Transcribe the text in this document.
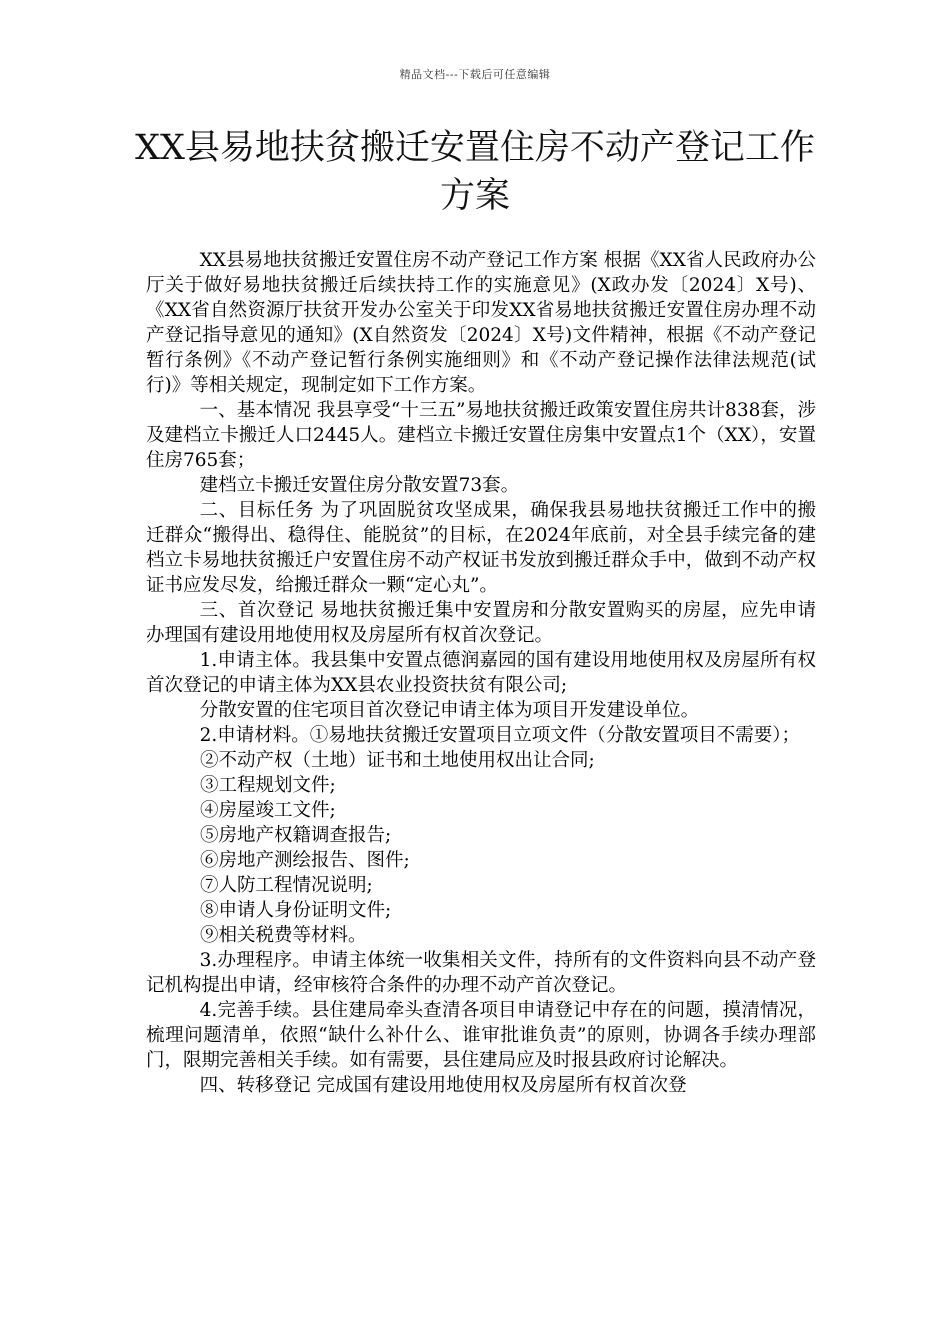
精品文档---下载后可任意编辑
XX县易地扶贫搬迁安置住房不动产登记工作方案

XX县易地扶贫搬迁安置住房不动产登记工作方案 根据《XX省人民政府办公厅关于做好易地扶贫搬迁后续扶持工作的实施意见》(X政办发〔2024〕X号)、《XX省自然资源厅扶贫开发办公室关于印发XX省易地扶贫搬迁安置住房办理不动产登记指导意见的通知》(X自然资发〔2024〕X号)文件精神，根据《不动产登记暂行条例》《不动产登记暂行条例实施细则》和《不动产登记操作法律法规范(试行)》等相关规定，现制定如下工作方案。

一、基本情况 我县享受“十三五”易地扶贫搬迁政策安置住房共计838套，涉及建档立卡搬迁人口2445人。建档立卡搬迁安置住房集中安置点1个（XX），安置住房765套；

建档立卡搬迁安置住房分散安置73套。

二、目标任务 为了巩固脱贫攻坚成果，确保我县易地扶贫搬迁工作中的搬迁群众“搬得出、稳得住、能脱贫”的目标，在2024年底前，对全县手续完备的建档立卡易地扶贫搬迁户安置住房不动产权证书发放到搬迁群众手中，做到不动产权证书应发尽发，给搬迁群众一颗“定心丸”。

三、首次登记 易地扶贫搬迁集中安置房和分散安置购买的房屋，应先申请办理国有建设用地使用权及房屋所有权首次登记。

1.申请主体。我县集中安置点德润嘉园的国有建设用地使用权及房屋所有权首次登记的申请主体为XX县农业投资扶贫有限公司;

分散安置的住宅项目首次登记申请主体为项目开发建设单位。

2.申请材料。①易地扶贫搬迁安置项目立项文件（分散安置项目不需要）；

②不动产权（土地）证书和土地使用权出让合同;

③工程规划文件;

④房屋竣工文件;

⑤房地产权籍调查报告;

⑥房地产测绘报告、图件;

⑦人防工程情况说明;

⑧申请人身份证明文件;

⑨相关税费等材料。

3.办理程序。申请主体统一收集相关文件，持所有的文件资料向县不动产登记机构提出申请，经审核符合条件的办理不动产首次登记。

4.完善手续。县住建局牵头查清各项目申请登记中存在的问题，摸清情况，梳理问题清单，依照“缺什么补什么、谁审批谁负责”的原则，协调各手续办理部门，限期完善相关手续。如有需要，县住建局应及时报县政府讨论解决。

四、转移登记 完成国有建设用地使用权及房屋所有权首次登
